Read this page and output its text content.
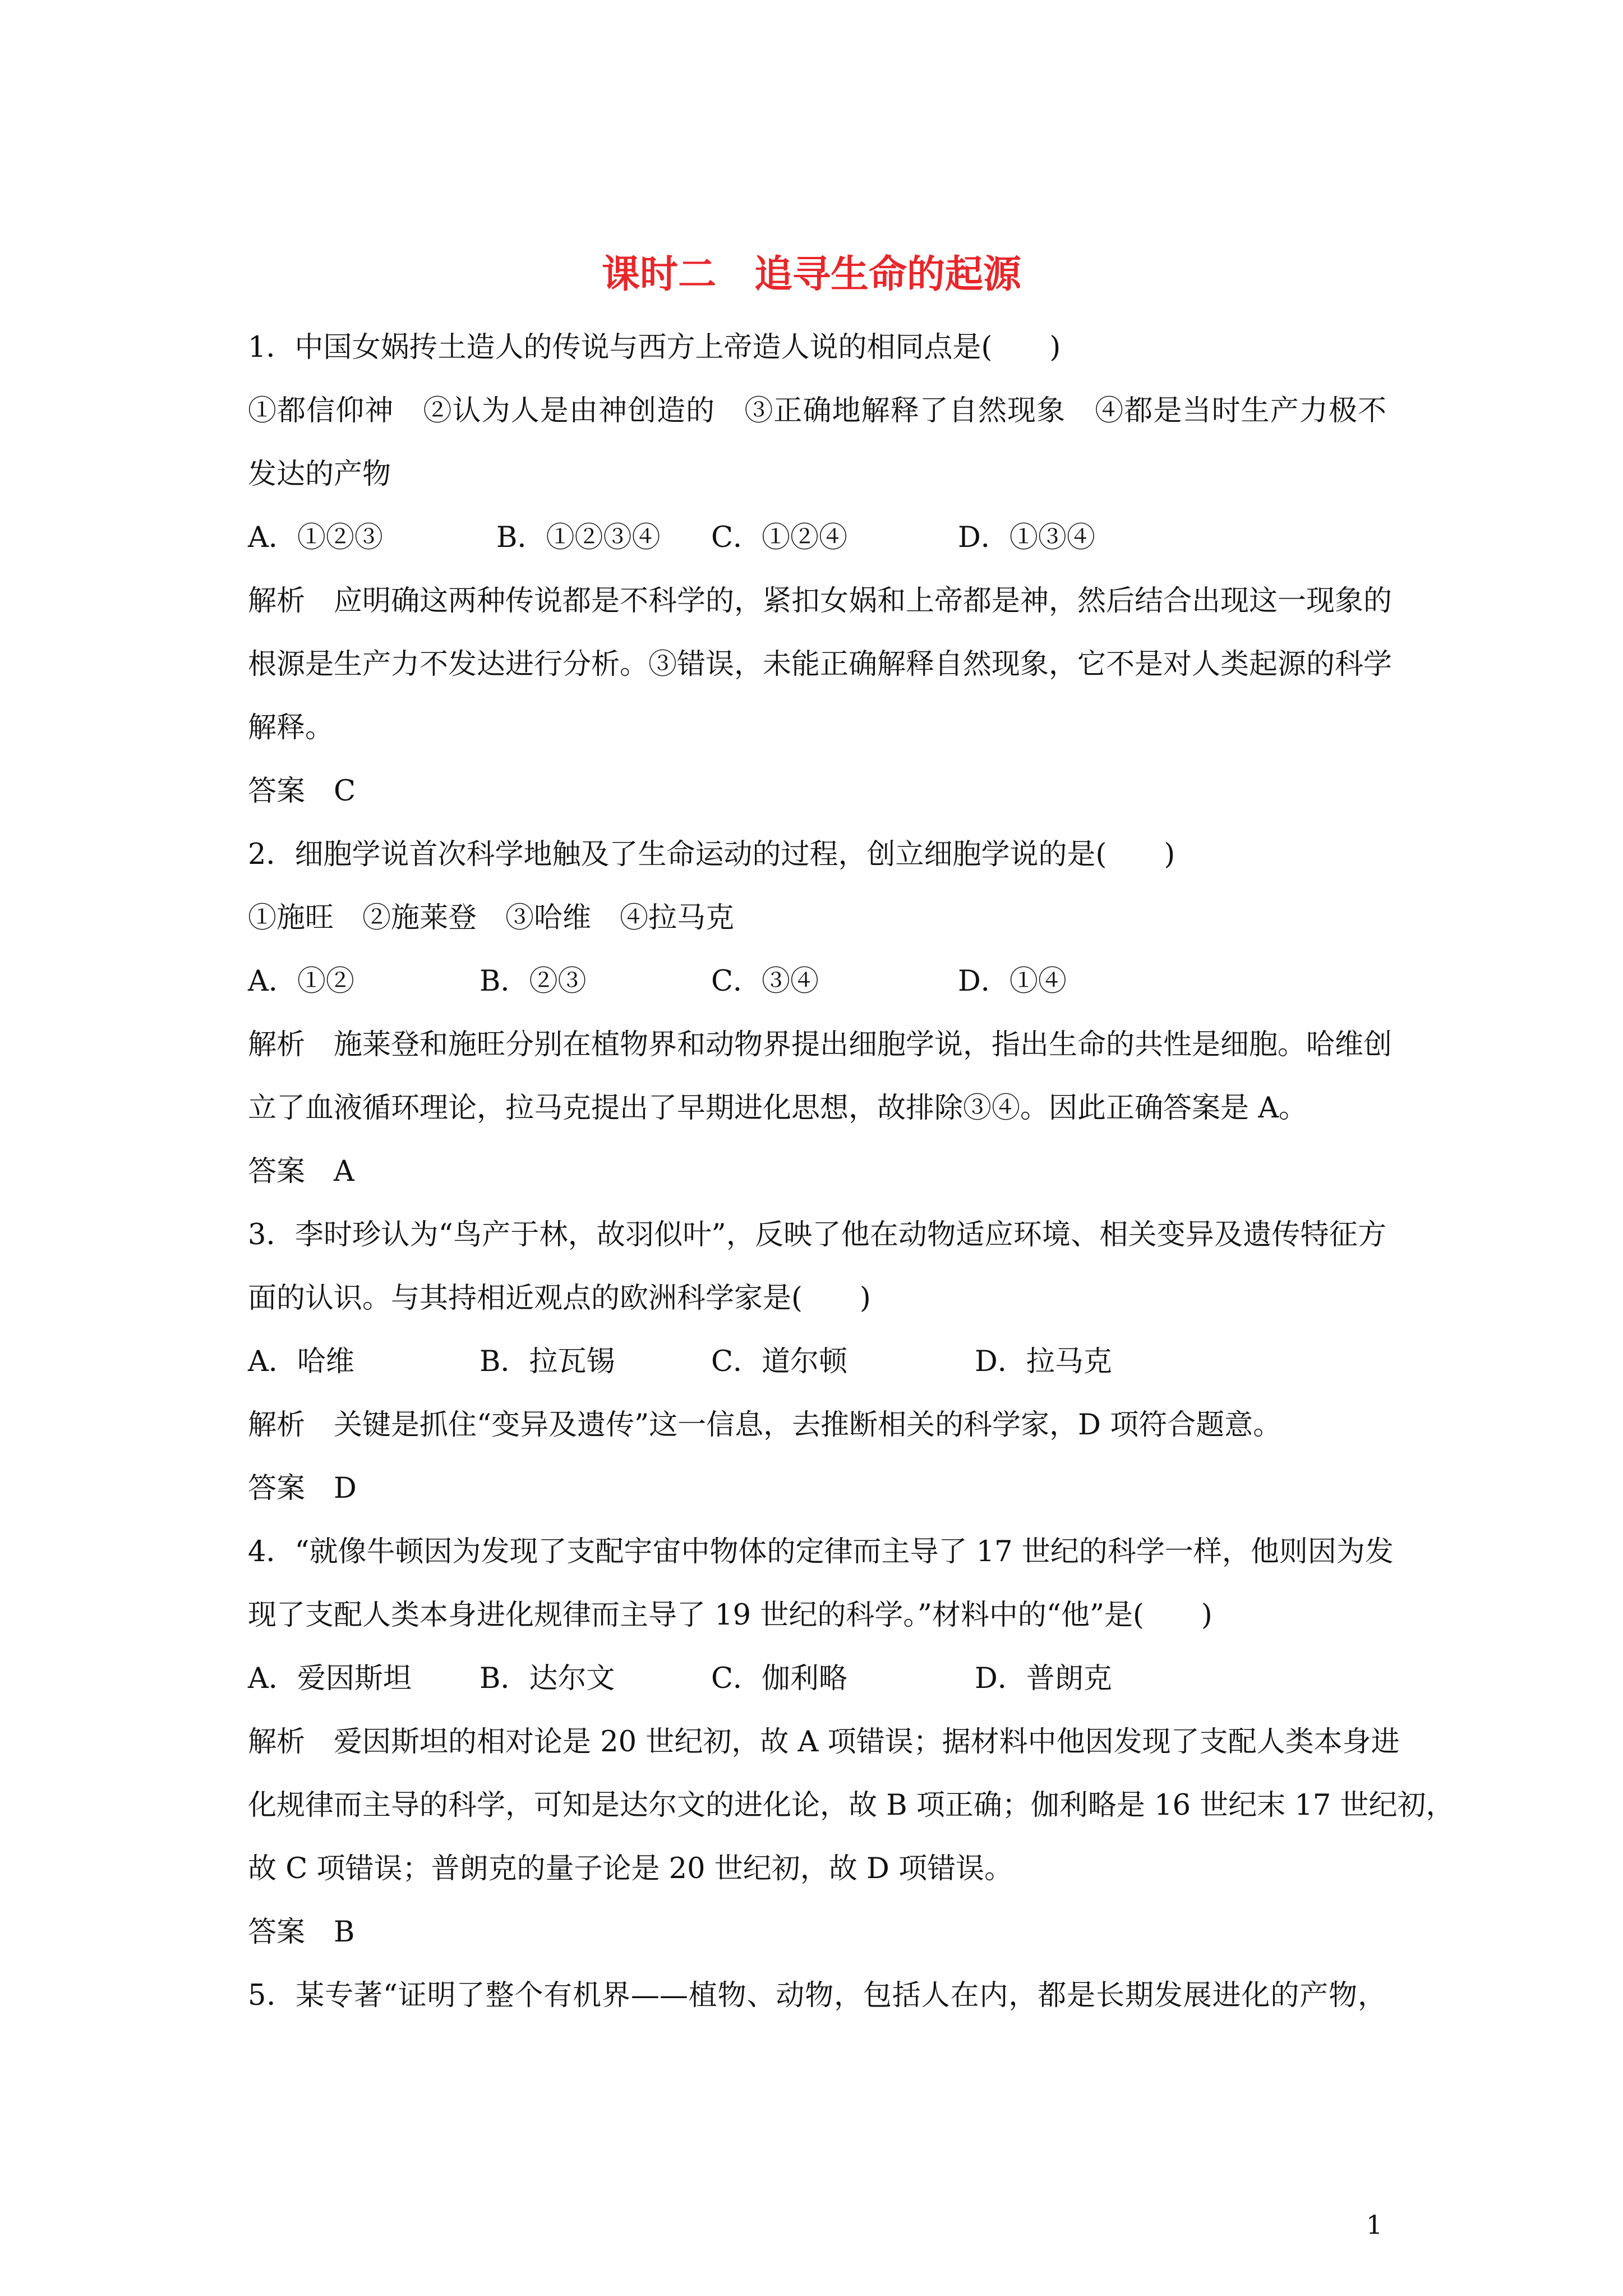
课时二　追寻生命的起源
1．中国女娲抟土造人的传说与西方上帝造人说的相同点是(　　)
①都信仰神　②认为人是由神创造的　③正确地解释了自然现象　④都是当时生产力极不
发达的产物
A．①②③	B．①②③④ C．①②④	D．①③④
解析　应明确这两种传说都是不科学的，紧扣女娲和上帝都是神，然后结合出现这一现象的
根源是生产力不发达进行分析。③错误，未能正确解释自然现象，它不是对人类起源的科学
解释。
答案　C
2．细胞学说首次科学地触及了生命运动的过程，创立细胞学说的是(　　)
①施旺　②施莱登　③哈维　④拉马克
A．①②	B．②③	C．③④	D．①④
解析　施莱登和施旺分别在植物界和动物界提出细胞学说，指出生命的共性是细胞。哈维创
立了血液循环理论，拉马克提出了早期进化思想，故排除③④。因此正确答案是 A。
答案　A
3．李时珍认为“鸟产于林，故羽似叶”，反映了他在动物适应环境、相关变异及遗传特征方
面的认识。与其持相近观点的欧洲科学家是(　　)
A．哈维	B．拉瓦锡	C．道尔顿	D．拉马克
解析　关键是抓住“变异及遗传”这一信息，去推断相关的科学家，D 项符合题意。
答案　D
4．“就像牛顿因为发现了支配宇宙中物体的定律而主导了 17 世纪的科学一样，他则因为发
现了支配人类本身进化规律而主导了 19 世纪的科学。”材料中的“他”是(　　)
A．爱因斯坦 B．达尔文	C．伽利略	D．普朗克
解析　爱因斯坦的相对论是 20 世纪初，故 A 项错误；据材料中他因发现了支配人类本身进
化规律而主导的科学，可知是达尔文的进化论，故 B 项正确；伽利略是 16 世纪末 17 世纪初，
故 C 项错误；普朗克的量子论是 20 世纪初，故 D 项错误。
答案　B
5．某专著“证明了整个有机界——植物、动物，包括人在内，都是长期发展进化的产物，
1
